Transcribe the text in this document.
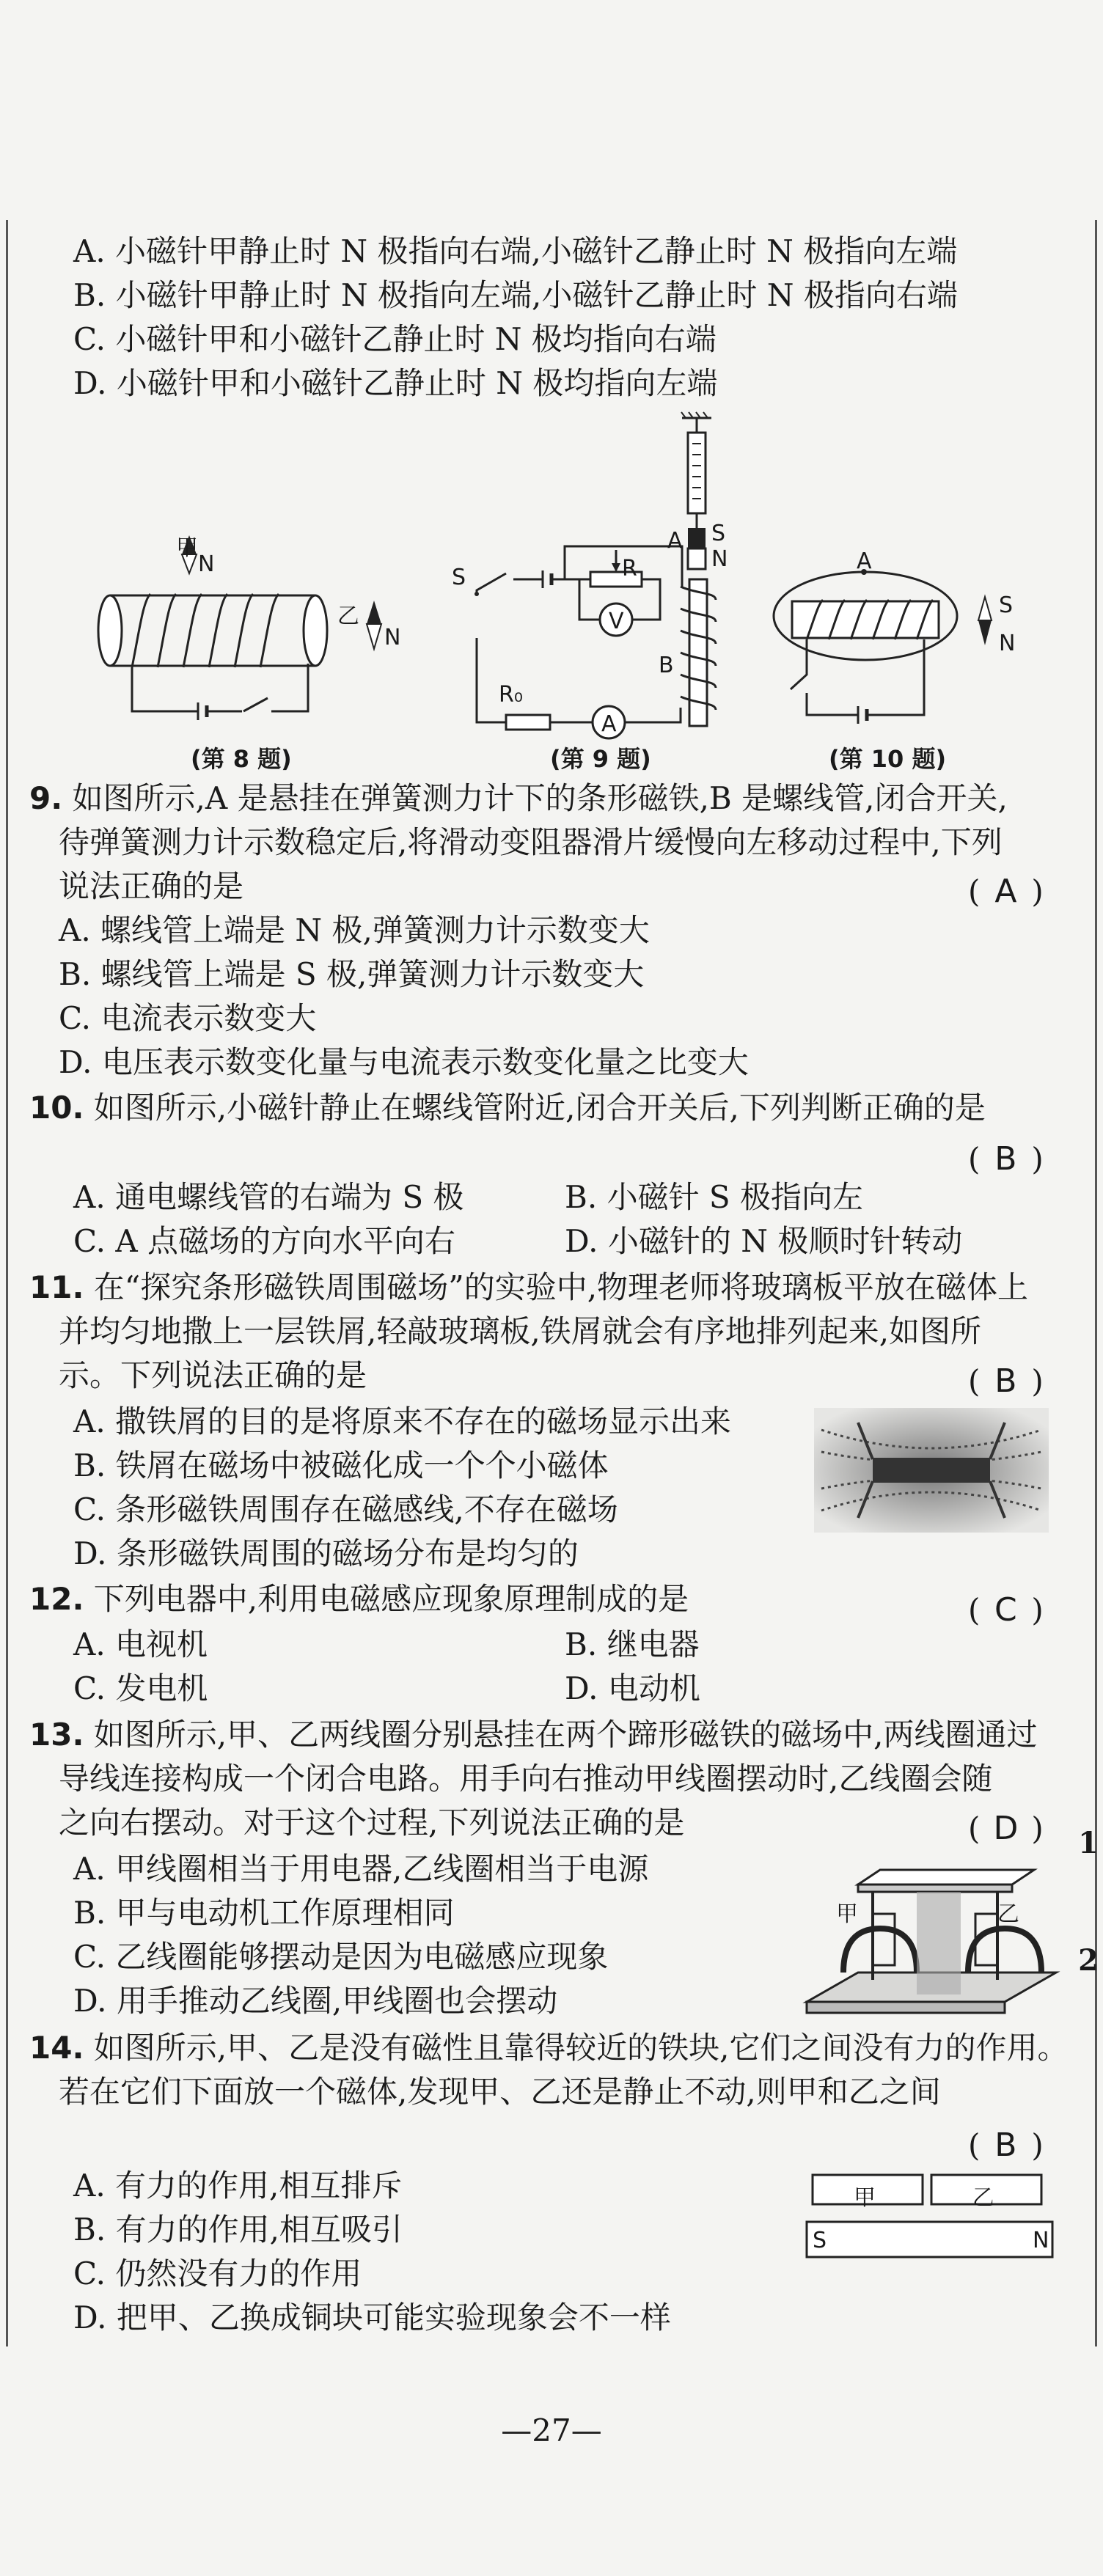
1
2
A. 小磁针甲静止时 N 极指向右端,小磁针乙静止时 N 极指向左端
B. 小磁针甲静止时 N 极指向左端,小磁针乙静止时 N 极指向右端
C. 小磁针甲和小磁针乙静止时 N 极均指向右端
D. 小磁针甲和小磁针乙静止时 N 极均指向左端
甲
N
乙
N
(第 8 题)
S	R
V
A
R₀
A S
N
B
(第 9 题)
A
S
N
(第 10 题)
9. 如图所示,A 是悬挂在弹簧测力计下的条形磁铁,B 是螺线管,闭合开关,
待弹簧测力计示数稳定后,将滑动变阻器滑片缓慢向左移动过程中,下列
说法正确的是	( A )
A. 螺线管上端是 N 极,弹簧测力计示数变大
B. 螺线管上端是 S 极,弹簧测力计示数变大
C. 电流表示数变大
D. 电压表示数变化量与电流表示数变化量之比变大
10. 如图所示,小磁针静止在螺线管附近,闭合开关后,下列判断正确的是
( B )
A. 通电螺线管的右端为 S 极	B. 小磁针 S 极指向左
C. A 点磁场的方向水平向右	D. 小磁针的 N 极顺时针转动
11. 在“探究条形磁铁周围磁场”的实验中,物理老师将玻璃板平放在磁体上
并均匀地撒上一层铁屑,轻敲玻璃板,铁屑就会有序地排列起来,如图所
示。下列说法正确的是	( B )
A. 撒铁屑的目的是将原来不存在的磁场显示出来
B. 铁屑在磁场中被磁化成一个个小磁体
C. 条形磁铁周围存在磁感线,不存在磁场
D. 条形磁铁周围的磁场分布是均匀的
12. 下列电器中,利用电磁感应现象原理制成的是	( C )
A. 电视机	B. 继电器
C. 发电机	D. 电动机
13. 如图所示,甲、乙两线圈分别悬挂在两个蹄形磁铁的磁场中,两线圈通过
导线连接构成一个闭合电路。用手向右推动甲线圈摆动时,乙线圈会随
之向右摆动。对于这个过程,下列说法正确的是	( D )
A. 甲线圈相当于用电器,乙线圈相当于电源
B. 甲与电动机工作原理相同
C. 乙线圈能够摆动是因为电磁感应现象
D. 用手推动乙线圈,甲线圈也会摆动
甲	乙
14. 如图所示,甲、乙是没有磁性且靠得较近的铁块,它们之间没有力的作用。
若在它们下面放一个磁体,发现甲、乙还是静止不动,则甲和乙之间
( B )
A. 有力的作用,相互排斥
B. 有力的作用,相互吸引
C. 仍然没有力的作用
D. 把甲、乙换成铜块可能实验现象会不一样
甲	乙
S	N
—27—
